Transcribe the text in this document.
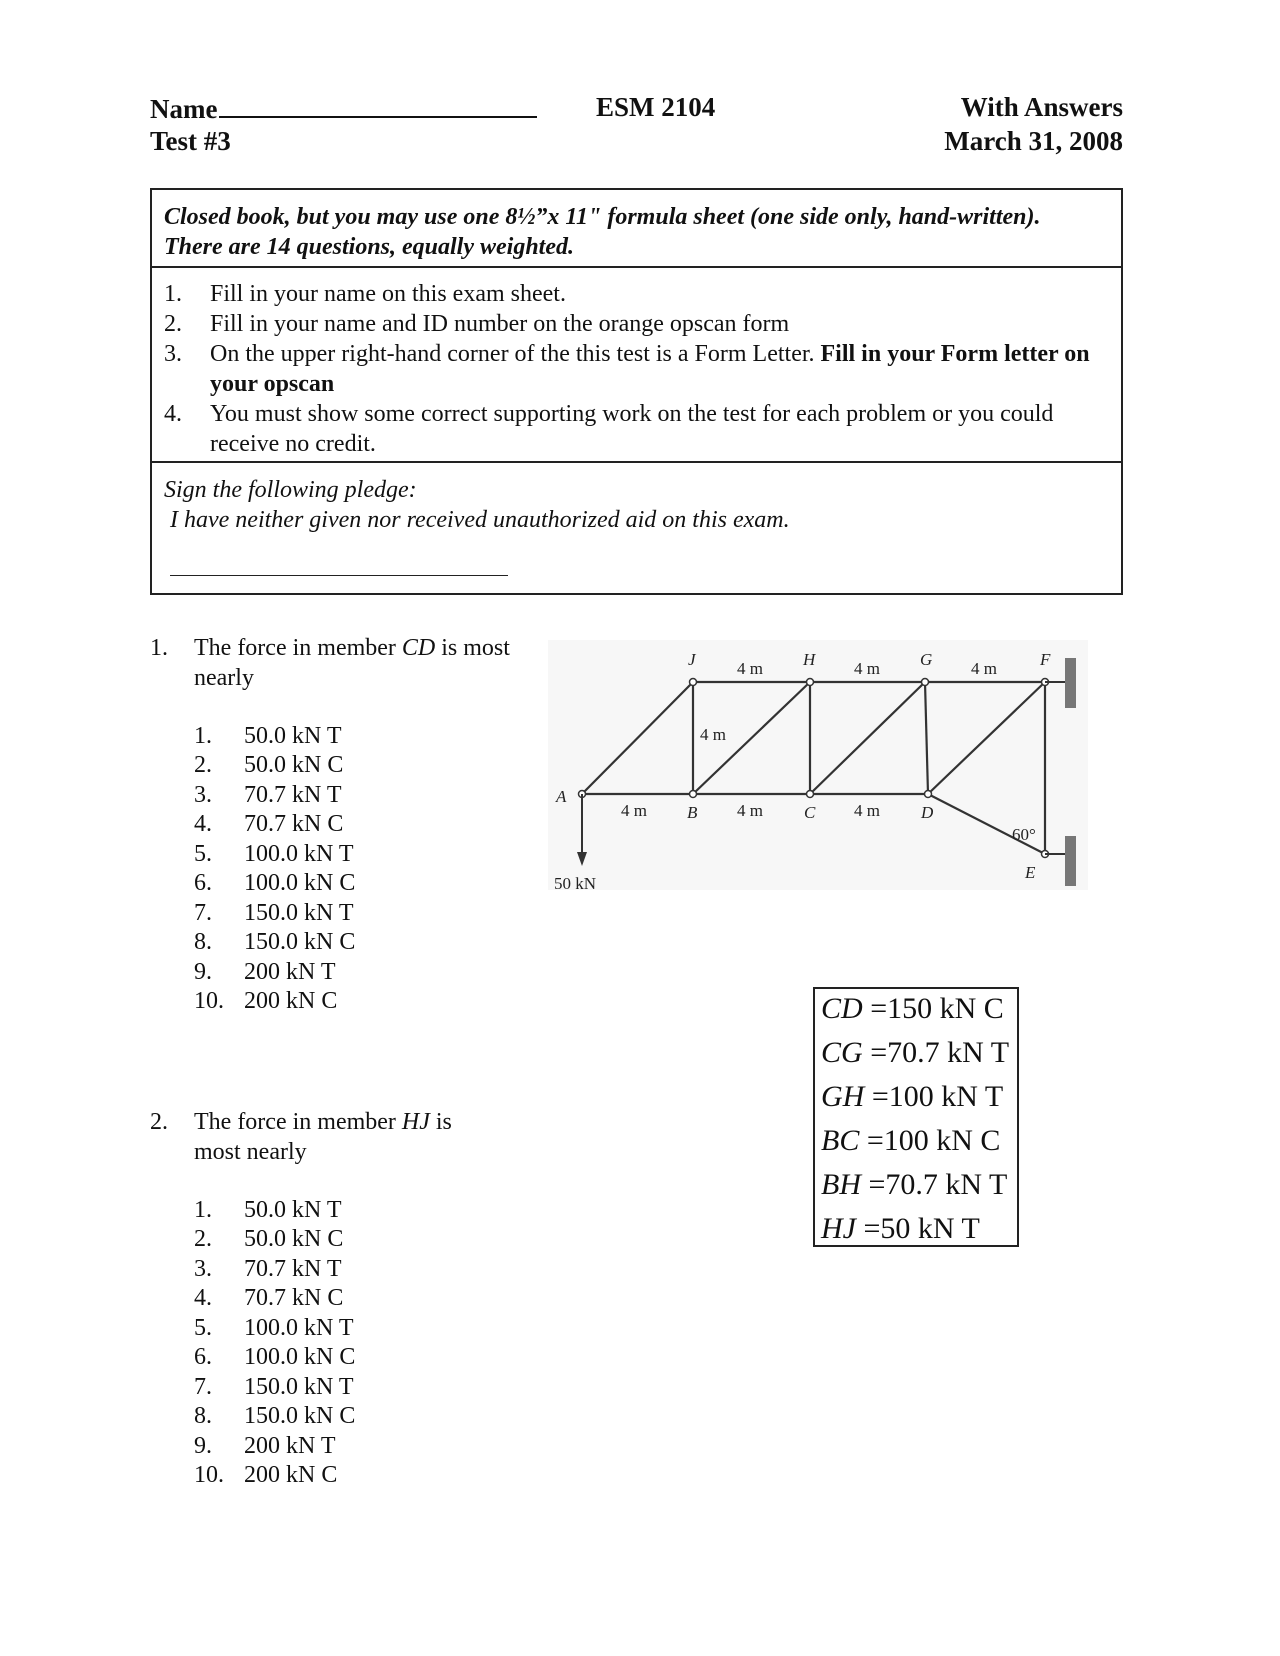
Name	ESM 2104	With Answers
Test #3	March 31, 2008
Closed book, but you may use one 8½”x 11" formula sheet (one side only, hand-written).
There are 14 questions, equally weighted.
1. Fill in your name on this exam sheet.
2. Fill in your name and ID number on the orange opscan form
3. On the upper right-hand corner of the this test is a Form Letter. Fill in your Form letter on your opscan
4. You must show some correct supporting work on the test for each problem or you could receive no credit.
Sign the following pledge:
I have neither given nor received unauthorized aid on this exam.
1. The force in member CD is most
nearly
1. 50.0 kN T
2. 50.0 kN C
3. 70.7 kN T
4. 70.7 kN C
5. 100.0 kN T
6. 100.0 kN C
7. 150.0 kN T
8. 150.0 kN C
9. 200 kN T
10. 200 kN C
J	H	G	F
A
B	C	D
E
4 m	4 m	4 m
4 m	4 m	4 m
4 m
50 kN
60°
CD =150 kN C
CG =70.7 kN T
GH =100 kN T
BC =100 kN C
BH =70.7 kN T
HJ =50 kN T
2. The force in member HJ is
most nearly
1. 50.0 kN T
2. 50.0 kN C
3. 70.7 kN T
4. 70.7 kN C
5. 100.0 kN T
6. 100.0 kN C
7. 150.0 kN T
8. 150.0 kN C
9. 200 kN T
10. 200 kN C
